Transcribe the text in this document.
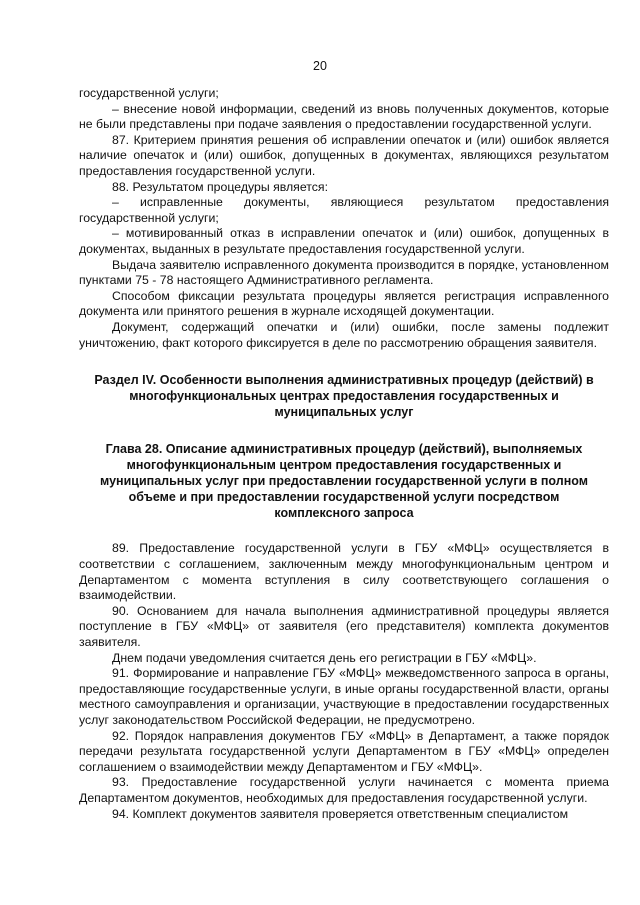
20

государственной услуги;

– внесение новой информации, сведений из вновь полученных документов, которые не были представлены при подаче заявления о предоставлении государственной услуги.

87. Критерием принятия решения об исправлении опечаток и (или) ошибок является наличие опечаток и (или) ошибок, допущенных в документах, являющихся результатом предоставления государственной услуги.

88. Результатом процедуры является:

– исправленные документы, являющиеся результатом предоставления государственной услуги;

– мотивированный отказ в исправлении опечаток и (или) ошибок, допущенных в документах, выданных в результате предоставления государственной услуги.

Выдача заявителю исправленного документа производится в порядке, установленном пунктами 75 - 78 настоящего Административного регламента.

Способом фиксации результата процедуры является регистрация исправленного документа или принятого решения в журнале исходящей документации.

Документ, содержащий опечатки и (или) ошибки, после замены подлежит уничтожению, факт которого фиксируется в деле по рассмотрению обращения заявителя.

Раздел IV. Особенности выполнения административных процедур (действий) в многофункциональных центрах предоставления государственных и муниципальных услуг
Глава 28. Описание административных процедур (действий), выполняемых многофункциональным центром предоставления государственных и муниципальных услуг при предоставлении государственной услуги в полном объеме и при предоставлении государственной услуги посредством комплексного запроса

89. Предоставление государственной услуги в ГБУ «МФЦ» осуществляется в соответствии с соглашением, заключенным между многофункциональным центром и Департаментом с момента вступления в силу соответствующего соглашения о взаимодействии.

90. Основанием для начала выполнения административной процедуры является поступление в ГБУ «МФЦ» от заявителя (его представителя) комплекта документов заявителя.

Днем подачи уведомления считается день его регистрации в ГБУ «МФЦ».

91. Формирование и направление ГБУ «МФЦ» межведомственного запроса в органы, предоставляющие государственные услуги, в иные органы государственной власти, органы местного самоуправления и организации, участвующие в предоставлении государственных услуг законодательством Российской Федерации, не предусмотрено.

92. Порядок направления документов ГБУ «МФЦ» в Департамент, а также порядок передачи результата государственной услуги Департаментом в ГБУ «МФЦ» определен соглашением о взаимодействии между Департаментом и ГБУ «МФЦ».

93. Предоставление государственной услуги начинается с момента приема Департаментом документов, необходимых для предоставления государственной услуги.

94. Комплект документов заявителя проверяется ответственным специалистом
